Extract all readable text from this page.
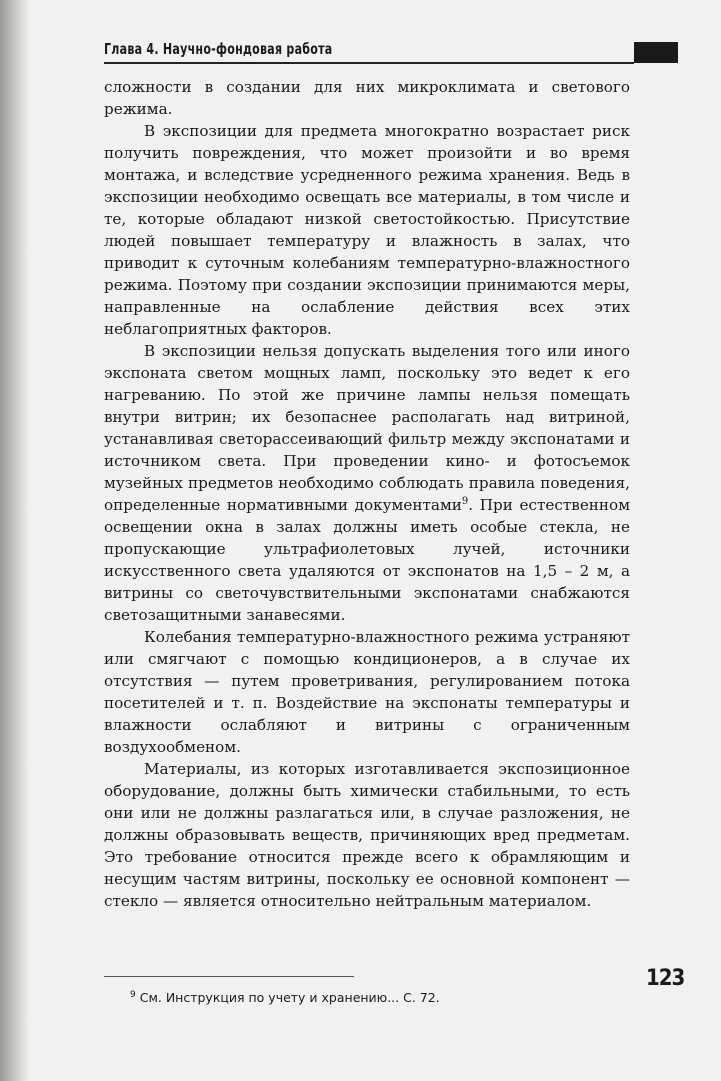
Глава 4. Научно-фондовая работа

сложности в создании для них микроклимата и светового режима.

В экспозиции для предмета многократно возрастает риск получить повреждения, что может произойти и во время монтажа, и вследствие усредненного режима хранения. Ведь в экспозиции необходимо освещать все материалы, в том числе и те, которые обладают низкой светостойкостью. Присутствие людей повышает температуру и влажность в залах, что приводит к суточным колебаниям температурно-влажностного режима. Поэтому при создании экспозиции принимаются меры, направленные на ослабление действия всех этих неблагоприятных факторов.

В экспозиции нельзя допускать выделения того или иного экспоната светом мощных ламп, поскольку это ведет к его нагреванию. По этой же причине лампы нельзя помещать внутри витрин; их безопаснее располагать над витриной, устанавливая светорассеивающий фильтр между экспонатами и источником света. При проведении кино- и фотосъемок музейных предметов необходимо соблюдать правила поведения, определенные нормативными документами$^9$. При естественном освещении окна в залах должны иметь особые стекла, не пропускающие ультрафиолетовых лучей, источники искусственного света удаляются от экспонатов на 1,5 – 2 м, а витрины со светочувствительными экспонатами снабжаются светозащитными занавесями.

Колебания температурно-влажностного режима устраняют или смягчают с помощью кондиционеров, а в случае их отсутствия — путем проветривания, регулированием потока посетителей и т. п. Воздействие на экспонаты температуры и влажности ослабляют и витрины с ограниченным воздухообменом.

Материалы, из которых изготавливается экспозиционное оборудование, должны быть химически стабильными, то есть они или не должны разлагаться или, в случае разложения, не должны образовывать веществ, причиняющих вред предметам. Это требование относится прежде всего к обрамляющим и несущим частям витрины, поскольку ее основной компонент — стекло — является относительно нейтральным материалом.

$^9$ См. Инструкция по учету и хранению... С. 72.
123
